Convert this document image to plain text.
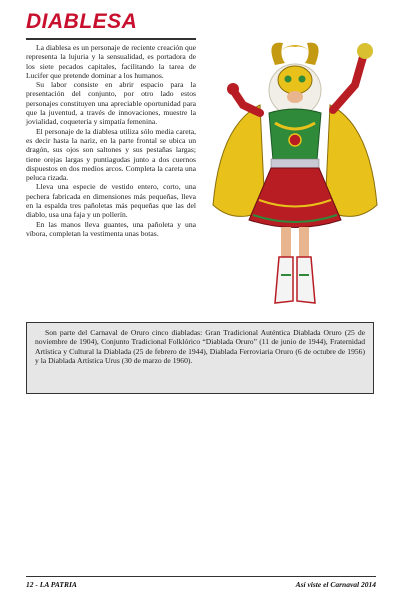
DIABLESA

La diablesa es un personaje de reciente creación que representa la lujuria y la sensualidad, es portadora de los siete pecados capitales, facilitando la tarea de Lucifer que pretende dominar a los humanos.

Su labor consiste en abrir espacio para la presentación del conjunto, por otro lado estos personajes constituyen una apreciable oportunidad para que la juventud, a través de innovaciones, muestre la jovialidad, coquetería y simpatía femenina.

El personaje de la diablesa utiliza sólo media careta, es decir hasta la nariz, en la parte frontal se ubica un dragón, sus ojos son saltones y sus pestañas largas; tiene orejas largas y puntiagudas junto a dos cuernos dispuestos en dos medios arcos. Completa la careta una peluca rizada.

Lleva una especie de vestido entero, corto, una pechera fabricada en dimensiones más pequeñas, lleva en la espalda tres pañoletas más pequeñas que las del diablo, usa una faja y un pollerín.

En las manos lleva guantes, una pañoleta y una víbora, completan la vestimenta unas botas.

Son parte del Carnaval de Oruro cinco diabladas: Gran Tradicional Auténtica Diablada Oruro (25 de noviembre de 1904), Conjunto Tradicional Folklórico “Diablada Oruro” (11 de junio de 1944), Fraternidad Artística y Cultural la Diablada (25 de febrero de 1944), Diablada Ferroviaria Oruro (6 de octubre de 1956) y la Diablada Artística Urus (30 de marzo de 1960).

12 - LA PATRIA	Así viste el Carnaval 2014
